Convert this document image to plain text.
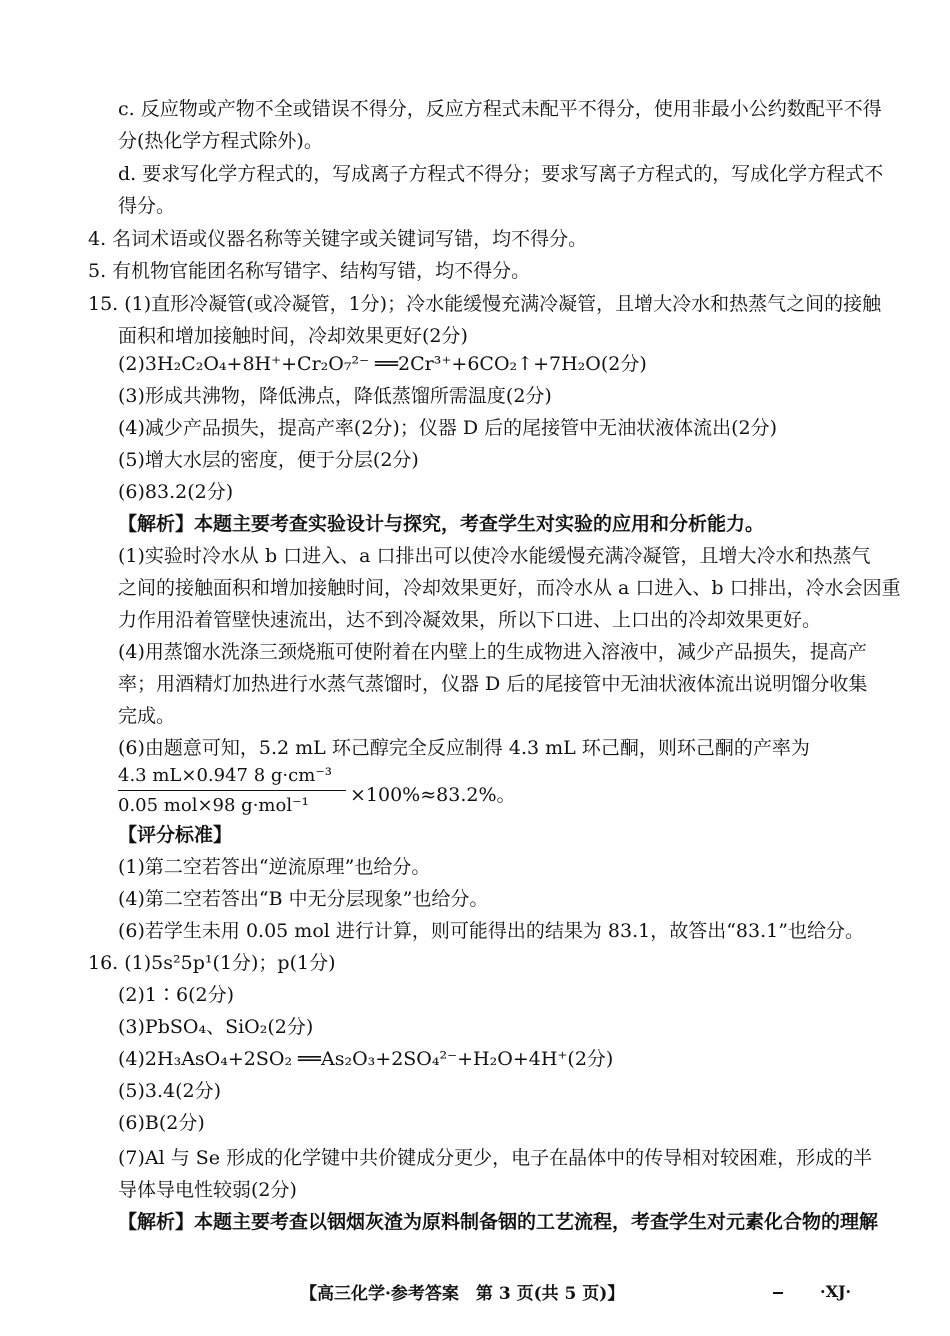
c. 反应物或产物不全或错误不得分，反应方程式未配平不得分，使用非最小公约数配平不得
分(热化学方程式除外)。
d. 要求写化学方程式的，写成离子方程式不得分；要求写离子方程式的，写成化学方程式不
得分。
4. 名词术语或仪器名称等关键字或关键词写错，均不得分。
5. 有机物官能团名称写错字、结构写错，均不得分。
15. (1)直形冷凝管(或冷凝管，1分)；冷水能缓慢充满冷凝管，且增大冷水和热蒸气之间的接触
面积和增加接触时间，冷却效果更好(2分)
(2)3H₂C₂O₄+8H⁺+Cr₂O₇²⁻ ══2Cr³⁺+6CO₂↑+7H₂O(2分)
(3)形成共沸物，降低沸点，降低蒸馏所需温度(2分)
(4)减少产品损失，提高产率(2分)；仪器 D 后的尾接管中无油状液体流出(2分)
(5)增大水层的密度，便于分层(2分)
(6)83.2(2分)
【解析】本题主要考查实验设计与探究，考查学生对实验的应用和分析能力。
(1)实验时冷水从 b 口进入、a 口排出可以使冷水能缓慢充满冷凝管，且增大冷水和热蒸气
之间的接触面积和增加接触时间，冷却效果更好，而冷水从 a 口进入、b 口排出，冷水会因重
力作用沿着管壁快速流出，达不到冷凝效果，所以下口进、上口出的冷却效果更好。
(4)用蒸馏水洗涤三颈烧瓶可使附着在内壁上的生成物进入溶液中，减少产品损失，提高产
率；用酒精灯加热进行水蒸气蒸馏时，仪器 D 后的尾接管中无油状液体流出说明馏分收集
完成。
(6)由题意可知，5.2 mL 环己醇完全反应制得 4.3 mL 环己酮，则环己酮的产率为
4.3 mL×0.947 8 g·cm⁻³
0.05 mol×98 g·mol⁻¹ ×100%≈83.2%。
【评分标准】
(1)第二空若答出“逆流原理”也给分。
(4)第二空若答出“B 中无分层现象”也给分。
(6)若学生未用 0.05 mol 进行计算，则可能得出的结果为 83.1，故答出“83.1”也给分。
16. (1)5s²5p¹(1分)；p(1分)
(2)1∶6(2分)
(3)PbSO₄、SiO₂(2分)
(4)2H₃AsO₄+2SO₂ ══As₂O₃+2SO₄²⁻+H₂O+4H⁺(2分)
(5)3.4(2分)
(6)B(2分)
(7)Al 与 Se 形成的化学键中共价键成分更少，电子在晶体中的传导相对较困难，形成的半
导体导电性较弱(2分)
【解析】本题主要考查以铟烟灰渣为原料制备铟的工艺流程，考查学生对元素化合物的理解
【高三化学·参考答案　第 3 页(共 5 页)】	·XJ·
